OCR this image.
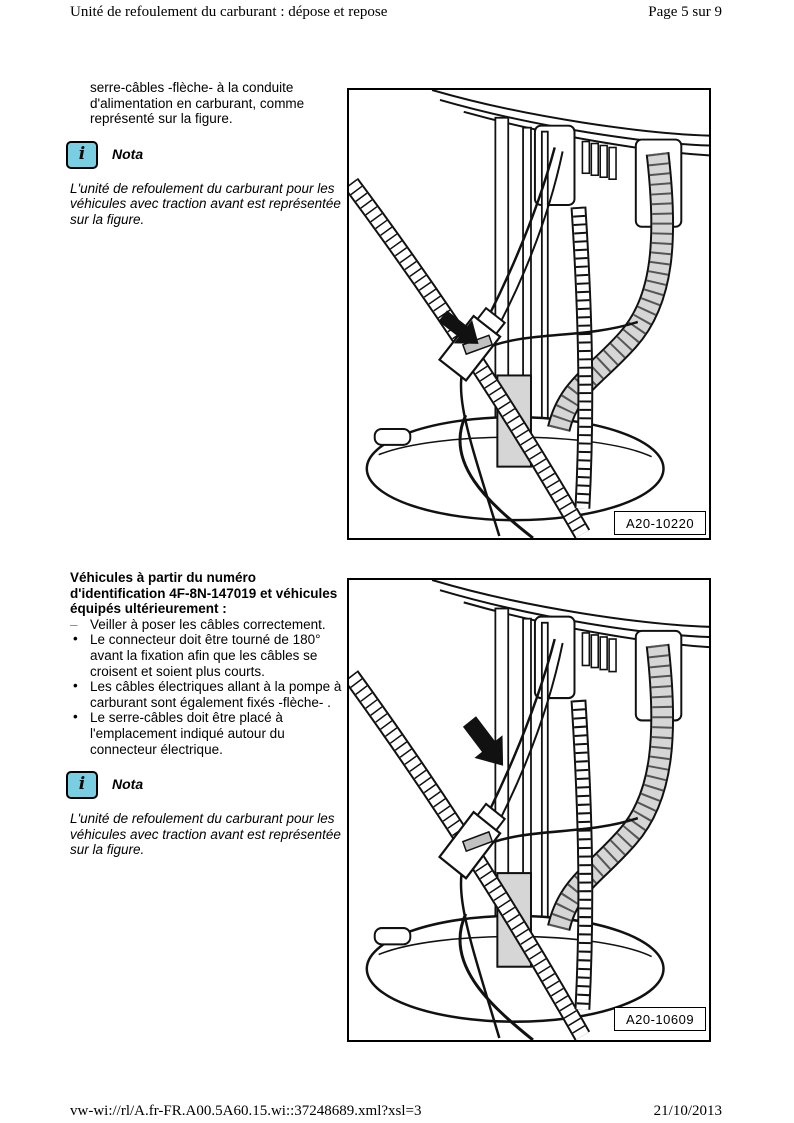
Unité de refoulement du carburant : dépose et repose	Page 5 sur 9

serre-câbles -flèche- à la conduite d'alimentation en carburant, comme représenté sur la figure.

i	Nota

L'unité de refoulement du carburant pour les véhicules avec traction avant est représentée sur la figure.

Véhicules à partir du numéro d'identification 4F-8N-147019 et véhicules équipés ultérieurement :

– Veiller à poser les câbles correctement.

• Le connecteur doit être tourné de 180° avant la fixation afin que les câbles se croisent et soient plus courts.

• Les câbles électriques allant à la pompe à carburant sont également fixés -flèche- .

• Le serre-câbles doit être placé à l'emplacement indiqué autour du connecteur électrique.

i	Nota

L'unité de refoulement du carburant pour les véhicules avec traction avant est représentée sur la figure.

A20-10220
A20-10609
vw-wi://rl/A.fr-FR.A00.5A60.15.wi::37248689.xml?xsl=3	21/10/2013
